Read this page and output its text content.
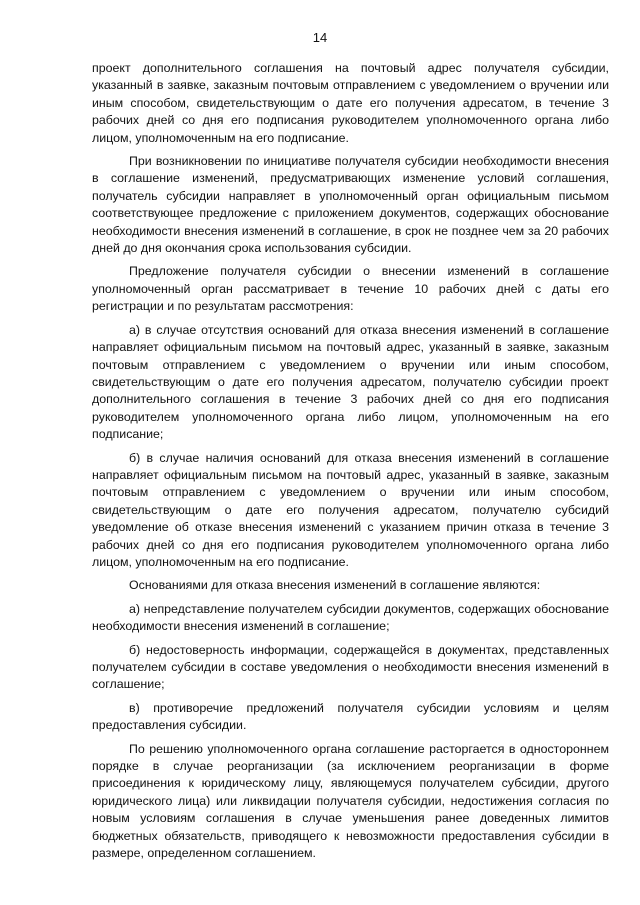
14

проект дополнительного соглашения на почтовый адрес получателя субсидии, указанный в заявке, заказным почтовым отправлением с уведомлением о вручении или иным способом, свидетельствующим о дате его получения адресатом, в течение 3 рабочих дней со дня его подписания руководителем уполномоченного органа либо лицом, уполномоченным на его подписание.

При возникновении по инициативе получателя субсидии необходимости внесения в соглашение изменений, предусматривающих изменение условий соглашения, получатель субсидии направляет в уполномоченный орган официальным письмом соответствующее предложение с приложением документов, содержащих обоснование необходимости внесения изменений в соглашение, в срок не позднее чем за 20 рабочих дней до дня окончания срока использования субсидии.

Предложение получателя субсидии о внесении изменений в соглашение уполномоченный орган рассматривает в течение 10 рабочих дней с даты его регистрации и по результатам рассмотрения:

а) в случае отсутствия оснований для отказа внесения изменений в соглашение направляет официальным письмом на почтовый адрес, указанный в заявке, заказным почтовым отправлением с уведомлением о вручении или иным способом, свидетельствующим о дате его получения адресатом, получателю субсидии проект дополнительного соглашения в течение 3 рабочих дней со дня его подписания руководителем уполномоченного органа либо лицом, уполномоченным на его подписание;

б) в случае наличия оснований для отказа внесения изменений в соглашение направляет официальным письмом на почтовый адрес, указанный в заявке, заказным почтовым отправлением с уведомлением о вручении или иным способом, свидетельствующим о дате его получения адресатом, получателю субсидий уведомление об отказе внесения изменений с указанием причин отказа в течение 3 рабочих дней со дня его подписания руководителем уполномоченного органа либо лицом, уполномоченным на его подписание.

Основаниями для отказа внесения изменений в соглашение являются:

а) непредставление получателем субсидии документов, содержащих обоснование необходимости внесения изменений в соглашение;

б) недостоверность информации, содержащейся в документах, представленных получателем субсидии в составе уведомления о необходимости внесения изменений в соглашение;

в) противоречие предложений получателя субсидии условиям и целям предоставления субсидии.

По решению уполномоченного органа соглашение расторгается в одностороннем порядке в случае реорганизации (за исключением реорганизации в форме присоединения к юридическому лицу, являющемуся получателем субсидии, другого юридического лица) или ликвидации получателя субсидии, недостижения согласия по новым условиям соглашения в случае уменьшения ранее доведенных лимитов бюджетных обязательств, приводящего к невозможности предоставления субсидии в размере, определенном соглашением.
